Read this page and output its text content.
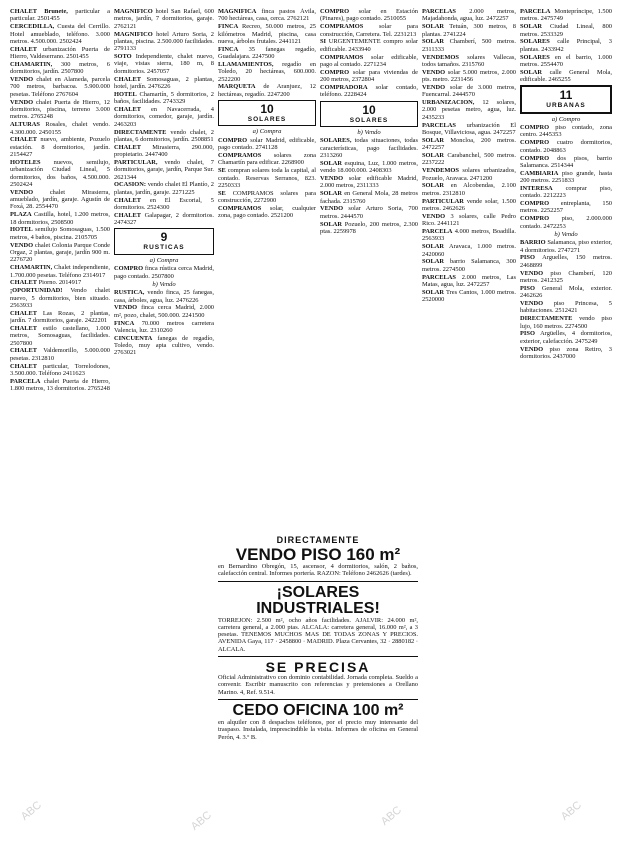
CHALET Brunete, particular a particular. 2501455

CERCEDILLA, Cuesta del Cerrillo. Hotel amueblado, teléfono. 3.000 metros. 4.500.000. 2502424

CHALET urbanización Puerta de Hierro, Valdeserrano. 2501455

CHAMARTIN, 300 metros, 6 dormitorios, jardín. 2507800

VENDO chalet en Alameda, parcela 700 metros, barbacoa. 5.900.000 pesetas. Teléfono 2767604

VENDO chalet Puerta de Hierro, 12 dormitorios, piscina, terreno 3.000 metros. 2765248

ALTURAS Rosales, chalet vendo. 4.300.000. 2450155

CHALET nuevo, ambiente, Pozuelo estación. 8 dormitorios, jardín. 2154427

HOTELES nuevos, semilujo, urbanización Ciudad Lineal, 5 dormitorios, dos baños, 4.500.000. 2502424

VENDO	chalet Mirasierra, amueblado, jardín, garaje. Agustín de Foxá, 28. 2554470

PLAZA Castilla, hotel, 1.200 metros, 18 dormitorios, 2508500

HOTEL semilujo Somosaguas, 1.500 metros, 4 baños, piscina. 2105705

VENDO chalet Colonia Parque Conde Orgaz, 2 plantas, garaje, jardín 900 m. 2276720

CHAMARTIN, Chalet independiente, 1.700.000 pesetas. Teléfono 2314917

CHALET Piorno. 2014917

¡OPORTUNIDAD! Vendo chalet nuevo, 5 dormitorios, bien situado. 2563933

CHALET Las Rozas, 2 plantas, jardín. 7 dormitorios, garaje. 2422201

CHALET estilo castellano, 1.000 metros, Somosaguas, facilidades. 2507800

CHALET Valdemorillo, 5.000.000 pesetas. 2312810

CHALET particular, Torrelodones, 3.500.000. Teléfono 2411623

PARCELA chalet Puerta de Hierro, 1.800 metros, 13 dormitorios. 2765248

MAGNIFICO hotel San Rafael, 600 metros, jardín, 7 dormitorios, garaje. 2762121

MAGNIFICO hotel Arturo Soria, 2 plantas, piscina. 2.500.000 facilidades. 2791133

SOTO Independiente, chalet nuevo, viaje, vistas sierra, 180 m, 8 dormitorios. 2457057

CHALET Somosaguas, 2 plantas, hotel, jardín. 2476226

HOTEL Chamartín, 5 dormitorios, 2 baños, facilidades. 2743329

CHALET en Navacerrada, 4 dormitorios, comedor, garaje, jardín. 2463203

DIRECTAMENTE vendo chalet, 2 plantas, 6 dormitorios, jardín. 2508851

CHALET Mirasierra, 290.000, propietario. 2447400

PARTICULAR, vendo chalet, 7 dormitorios, garaje, jardín, Parque Sur. 2621344

OCASION: vendo chalet El Plantío, 2 plantas, jardín, garaje. 2271225

CHALET en El Escorial, 5 dormitorios. 2524300

CHALET Galapagar, 2 dormitorios. 2474327

9
RUSTICAS
a) Compra

COMPRO finca rústica cerca Madrid, pago contado. 2507800

b) Vendo

RUSTICA, vendo finca, 25 fanegas, casa, árboles, agua, luz. 2476226

VENDO finca cerca Madrid, 2.000 m², pozo, chalet, 500.000. 2241500

FINCA 70.000 metros carretera Valencia, luz. 2310260

CINCUENTA fanegas de regadío, Toledo, muy apta cultivo, vendo. 2763021

MAGNIFICA finca pastos Ávila, 700 hectáreas, casa, cerca. 2762121

FINCA Recreo, 50.000 metros, 25 kilómetros Madrid, piscina, casa nueva, árboles frutales. 2441121

FINCA 35 fanegas regadío, Guadalajara. 2247500

LLAMAMIENTOS, regadío en Toledo, 20 hectáreas, 600.000. 2522200

MARQUETA de Aranjuez, 12 hectáreas, regadío. 2247200

10
SOLARES
a) Compra

COMPRO solar Madrid, edificable, pago contado. 2741128

COMPRAMOS solares zona Chamartín para edificar. 2268900

SE compran solares toda la capital, al contado. Reservas Serranos, 823. 2250333

SE COMPRAMOS solares para construcción, 2272900

COMPRAMOS solar, cualquier zona, pago contado. 2521200

COMPRO solar en Estación (Pinares), pago contado. 2510055

COMPRAMOS solar para construcción, Carretera. Tel. 2231213

SI URGENTEMENTE compro solar edificable. 2433940

COMPRAMOS solar edificable, pago al contado. 2271234

COMPRO solar para viviendas de 200 metros, 2372804

COMPRADORA solar contado, teléfono. 2228424

10
SOLARES
b) Vendo

SOLARES, todas situaciones, todas características, pago facilidades. 2313260

SOLAR esquina, Luz, 1.000 metros, vendo 18.000.000. 2408303

VENDO solar edificable Madrid, 2.000 metros, 2311333

SOLAR en General Mola, 28 metros fachada. 2315760

VENDO solar Arturo Soria, 700 metros. 2444570

SOLAR Pozuelo, 200 metros, 2.300 ptas. 2259978

PARCELAS 2.000 metros, Majadahonda, agua, luz. 2472257

SOLAR Tetuán, 300 metros, 8 plantas. 2741224

SOLAR Chamberí, 500 metros. 2311333

VENDEMOS solares Vallecas, todos tamaños. 2315760

VENDO solar 5.000 metros, 2.000 pts. metro. 2231456

VENDO solar de 3.000 metros, Fuencarral. 2444570

URBANIZACION, 12 solares, 2.000 pesetas metro, agua, luz. 2435233

PARCELAS urbanización El Bosque, Villaviciosa, agua. 2472257

SOLAR Moncloa, 200 metros. 2472257

SOLAR Carabanchel, 500 metros. 2237222

VENDEMOS solares urbanizados, Pozuelo, Aravaca. 2471200

SOLAR en Alcobendas, 2.100 metros. 2312810

PARTICULAR vende solar, 1.500 metros. 2462626

VENDO 3 solares, calle Pedro Rico. 2441121

PARCELA 4.000 metros, Boadilla. 2563933

SOLAR Aravaca, 1.000 metros. 2420060

SOLAR barrio Salamanca, 300 metros. 2274500

PARCELAS 2.000 metros, Las Matas, agua, luz. 2472257

SOLAR Tres Cantos, 1.000 metros. 2520000

PARCELA Montepríncipe, 1.500 metros. 2475749

SOLAR Ciudad Lineal, 800 metros. 2533329

SOLARES calle Principal, 3 plantas. 2433942

SOLARES en el barrio, 1.000 metros. 2554470

SOLAR calle General Mola, edificable. 2465255

11
URBANAS
a) Compro

COMPRO piso contado, zona centro. 2445353

COMPRO cuatro dormitorios, contado. 2048863

COMPRO dos pisos, barrio Salamanca. 2514344

CAMBIARIA piso grande, hasta 200 metros. 2251833

INTERESA comprar piso, contado. 2212223

COMPRO entreplanta, 150 metros. 2252257

COMPRO piso, 2.000.000 contado. 2472253

b) Vendo

BARRIO Salamanca, piso exterior, 4 dormitorios. 2747271

PISO Arguelles, 150 metros. 2468899

VENDO piso Chamberí, 120 metros. 2412325

PISO General Mola, exterior. 2462626

VENDO piso Princesa, 5 habitaciones. 2512421

DIRECTAMENTE vendo piso lujo, 160 metros. 2274500

PISO Argüelles, 4 dormitorios, exterior, calefacción. 2475249

VENDO piso zona Retiro, 3 dormitorios. 2437000

DIRECTAMENTE
VENDO PISO 160 m²
en Bernardino Obregón, 15, ascensor, 4 dormitorios, salón, 2 baños, calefacción central. Informes portería. RAZON: Teléfono 2462626 (tardes).
¡SOLARES INDUSTRIALES!
TORREJON: 2.500 m², ocho años facilidades. AJALVIR: 24.000 m², carretera general, a 2.000 ptas. ALCALA: carretera general, 16.000 m², a 3 pesetas. TENEMOS MUCHOS MAS DE TODAS ZONAS Y PRECIOS. AVENIDA Gaya, 117 · 2458800 · MADRID. Plaza Cervantes, 32 · 2880182 · ALCALA.
SE PRECISA
Oficial Administrativo con dominio contabilidad. Jornada completa. Sueldo a convenir. Escribir manuscrito con referencias y pretensiones a Orellano Marino. 4, Ref. 9.514.
CEDO OFICINA 100 m²
en alquiler con 8 despachos teléfonos, por el precio muy interesante del traspaso. Instalada, imprescindible la visita. Informes de oficina en General Perón, 4. 3.º B.
ABC	ABC	ABC	ABC
